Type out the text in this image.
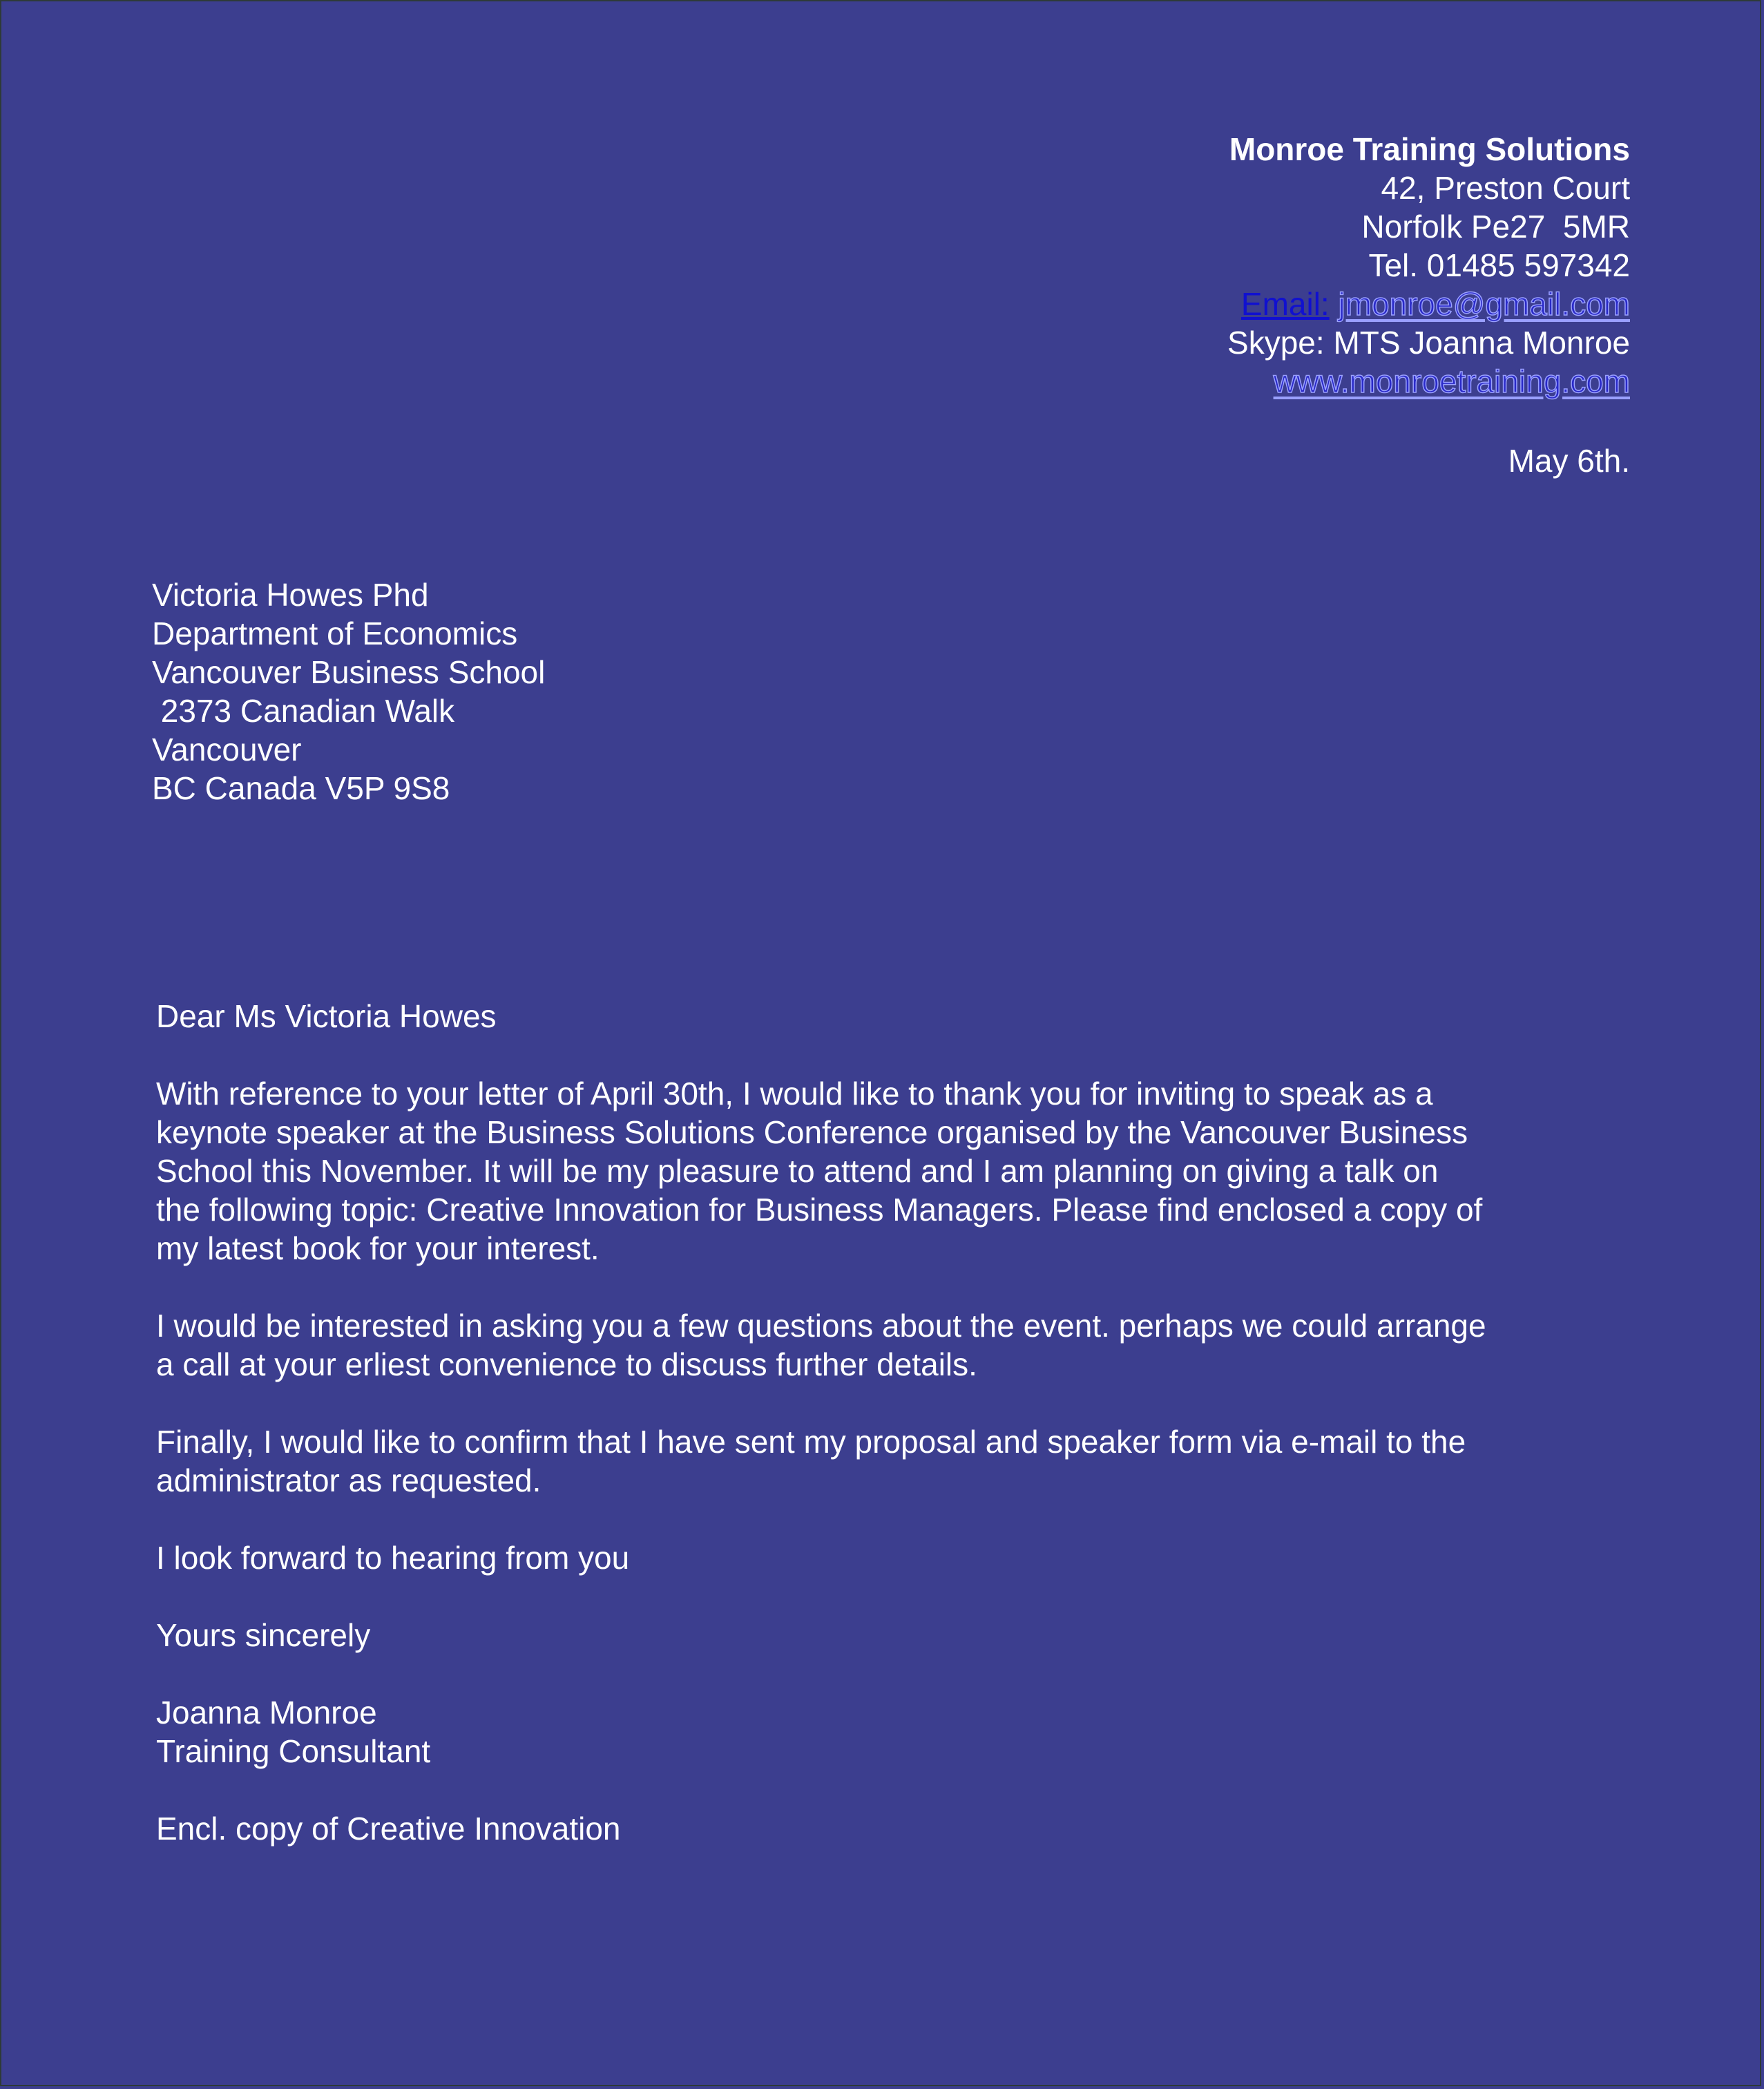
Monroe Training Solutions
42, Preston Court
Norfolk Pe27  5MR
Tel. 01485 597342
Email: jmonroe@gmail.com
Skype: MTS Joanna Monroe
www.monroetraining.com
May 6th.
Victoria Howes Phd
Department of Economics
Vancouver Business School
2373 Canadian Walk
Vancouver
BC Canada V5P 9S8

Dear Ms Victoria Howes

With reference to your letter of April 30th, I would like to thank you for inviting to speak as a
keynote speaker at the Business Solutions Conference organised by the Vancouver Business
School this November. It will be my pleasure to attend and I am planning on giving a talk on
the following topic: Creative Innovation for Business Managers. Please find enclosed a copy of
my latest book for your interest.

I would be interested in asking you a few questions about the event. perhaps we could arrange
a call at your erliest convenience to discuss further details.

Finally, I would like to confirm that I have sent my proposal and speaker form via e-mail to the
administrator as requested.

I look forward to hearing from you

Yours sincerely

Joanna Monroe
Training Consultant

Encl. copy of Creative Innovation
